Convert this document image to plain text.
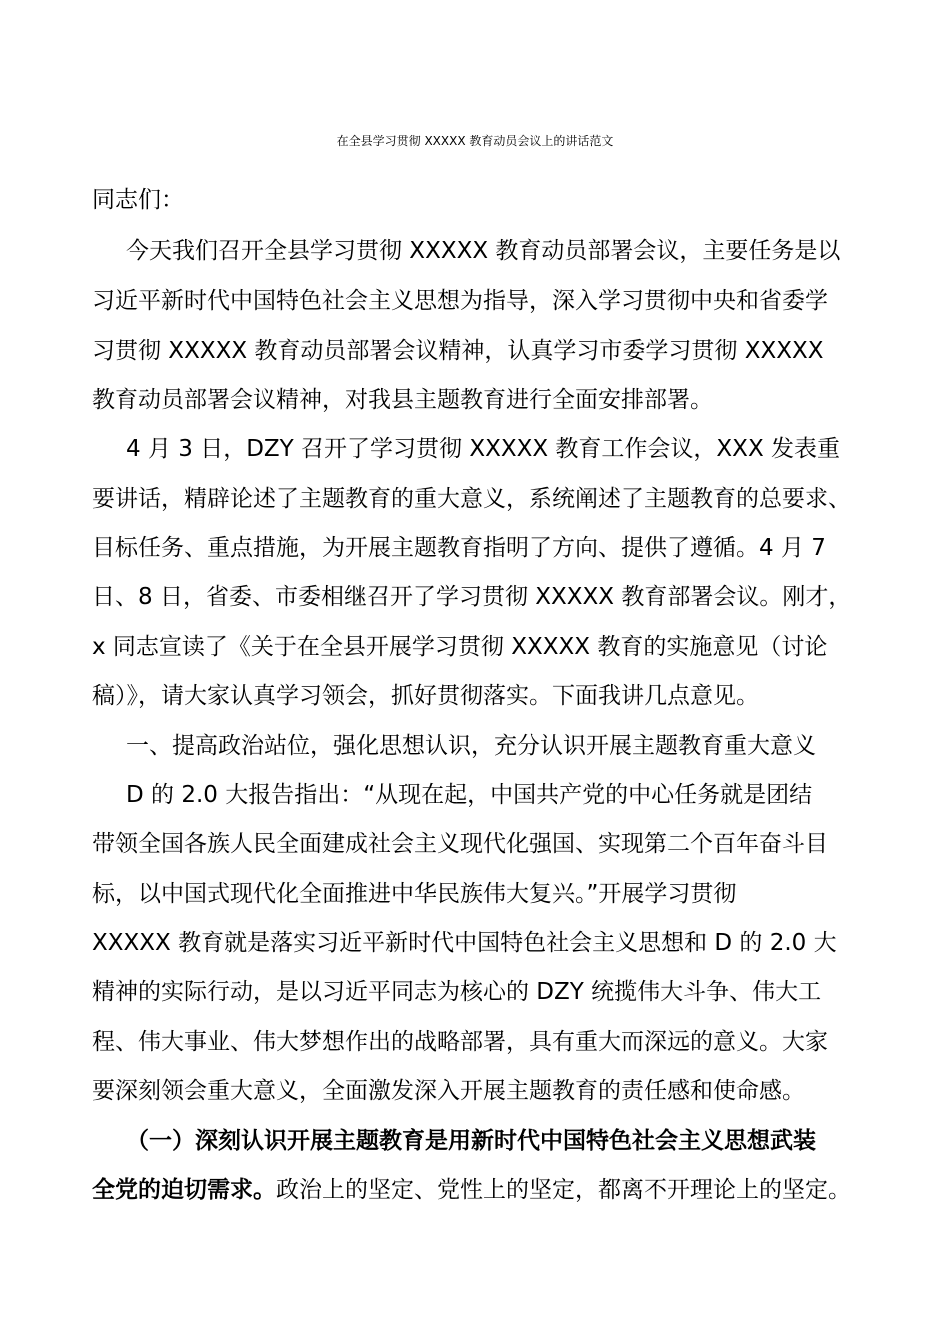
在全县学习贯彻 XXXXX 教育动员会议上的讲话范文
同志们：
今天我们召开全县学习贯彻 XXXXX 教育动员部署会议，主要任务是以
习近平新时代中国特色社会主义思想为指导，深入学习贯彻中央和省委学
习贯彻 XXXXX 教育动员部署会议精神，认真学习市委学习贯彻 XXXXX
教育动员部署会议精神，对我县主题教育进行全面安排部署。
4 月 3 日，DZY 召开了学习贯彻 XXXXX 教育工作会议，XXX 发表重
要讲话，精辟论述了主题教育的重大意义，系统阐述了主题教育的总要求、
目标任务、重点措施，为开展主题教育指明了方向、提供了遵循。4 月 7
日、8 日，省委、市委相继召开了学习贯彻 XXXXX 教育部署会议。刚才，
x 同志宣读了《关于在全县开展学习贯彻 XXXXX 教育的实施意见（讨论
稿）》，请大家认真学习领会，抓好贯彻落实。下面我讲几点意见。
一、提高政治站位，强化思想认识，充分认识开展主题教育重大意义
D 的 2.0 大报告指出：“从现在起，中国共产党的中心任务就是团结
带领全国各族人民全面建成社会主义现代化强国、实现第二个百年奋斗目
标，以中国式现代化全面推进中华民族伟大复兴。”开展学习贯彻
XXXXX 教育就是落实习近平新时代中国特色社会主义思想和 D 的 2.0 大
精神的实际行动，是以习近平同志为核心的 DZY 统揽伟大斗争、伟大工
程、伟大事业、伟大梦想作出的战略部署，具有重大而深远的意义。大家
要深刻领会重大意义，全面激发深入开展主题教育的责任感和使命感。
（一）深刻认识开展主题教育是用新时代中国特色社会主义思想武装
全党的迫切需求。政治上的坚定、党性上的坚定，都离不开理论上的坚定。
